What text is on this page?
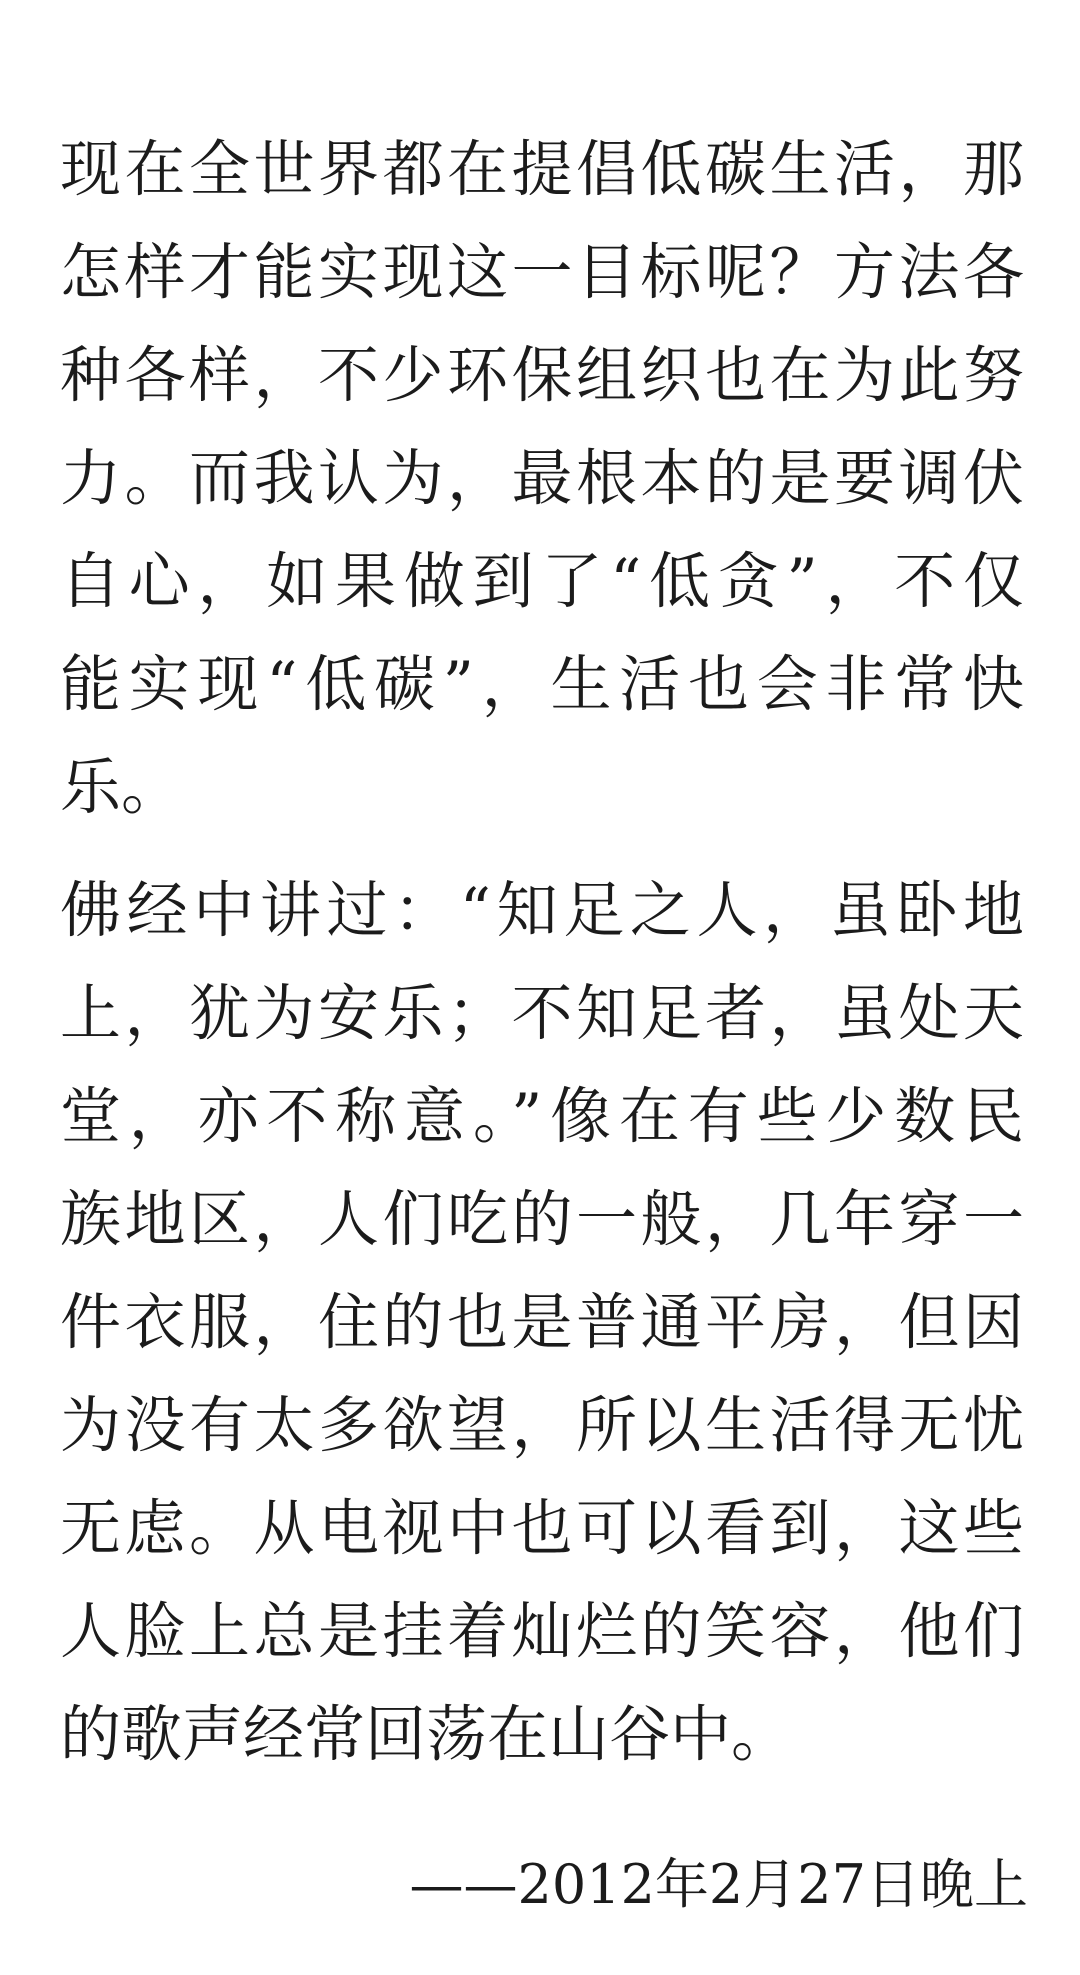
现在全世界都在提倡低碳生活，那
怎样才能实现这一目标呢？方法各
种各样，不少环保组织也在为此努
力。而我认为，最根本的是要调伏
自心，如果做到了“低贪”，不仅
能实现“低碳”，生活也会非常快
乐。
佛经中讲过：“知足之人，虽卧地
上，犹为安乐；不知足者，虽处天
堂，亦不称意。”像在有些少数民
族地区，人们吃的一般，几年穿一
件衣服，住的也是普通平房，但因
为没有太多欲望，所以生活得无忧
无虑。从电视中也可以看到，这些
人脸上总是挂着灿烂的笑容，他们
的歌声经常回荡在山谷中。
——2012年2月27日晚上
